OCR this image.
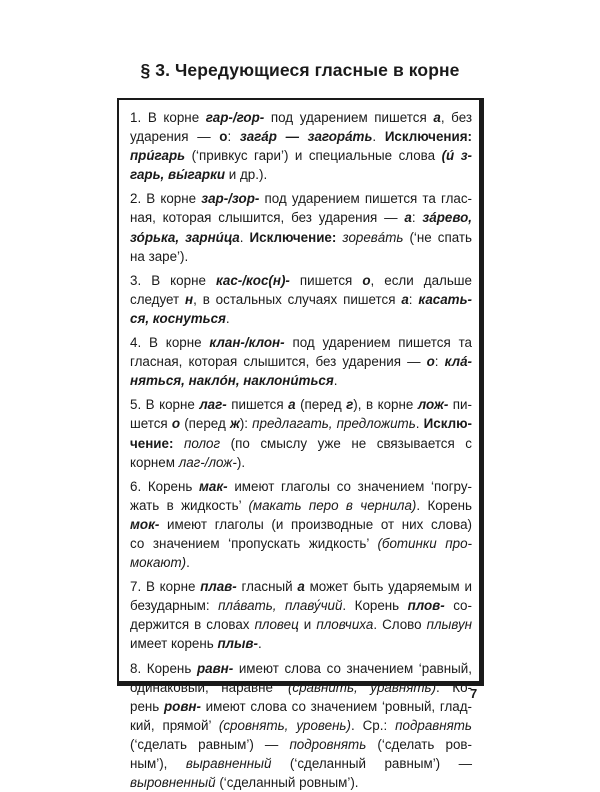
§ 3. Чередующиеся гласные в корне
1. В корне гар-/гор- под ударением пишется а, без
ударения — о: загáр — загорáть. Исключения:
прúгарь (‘привкус гари’) и специальные слова (ú з-
гарь, вы́гарки и др.).
2. В корне зар-/зор- под ударением пишется та глас-
ная, которая слышится, без ударения — а: зáрево,
зо́рька, зарнúца. Исключение: зоревáть (‘не спать
на заре’).
3. В корне кас-/кос(н)- пишется о, если дальше
следует н, в остальных случаях пишется а: касать-
ся, коснуться.
4. В корне клан-/клон- под ударением пишется та
гласная, которая слышится, без ударения — о: клá-
няться, наклóн, наклонúться.
5. В корне лаг- пишется а (перед г), в корне лож- пи-
шется о (перед ж): предлагать, предложить. Исклю-
чение: полог (по смыслу уже не связывается с
корнем лаг-/лож-).
6. Корень мак- имеют глаголы со значением ‘погру-
жать в жидкость’ (макать перо в чернила). Корень
мок- имеют глаголы (и производные от них слова)
со значением ‘пропускать жидкость’ (ботинки про-
мокают).
7. В корне плав- гласный а может быть ударяемым и
безударным: плáвать, плаву́чий. Корень плов- со-
держится в словах пловец и пловчиха. Слово плывун
имеет корень плыв-.
8. Корень равн- имеют слова со значением ‘равный,
одинаковый, наравне’ (сравнить, уравнять). Ко-
рень ровн- имеют слова со значением ‘ровный, глад-
кий, прямой’ (сровнять, уровень). Ср.: подравнять
(‘сделать равным’) — подровнять (‘сделать ров-
ным’), выравненный (‘сделанный равным’) —
выровненный (‘сделанный ровным’).
7
